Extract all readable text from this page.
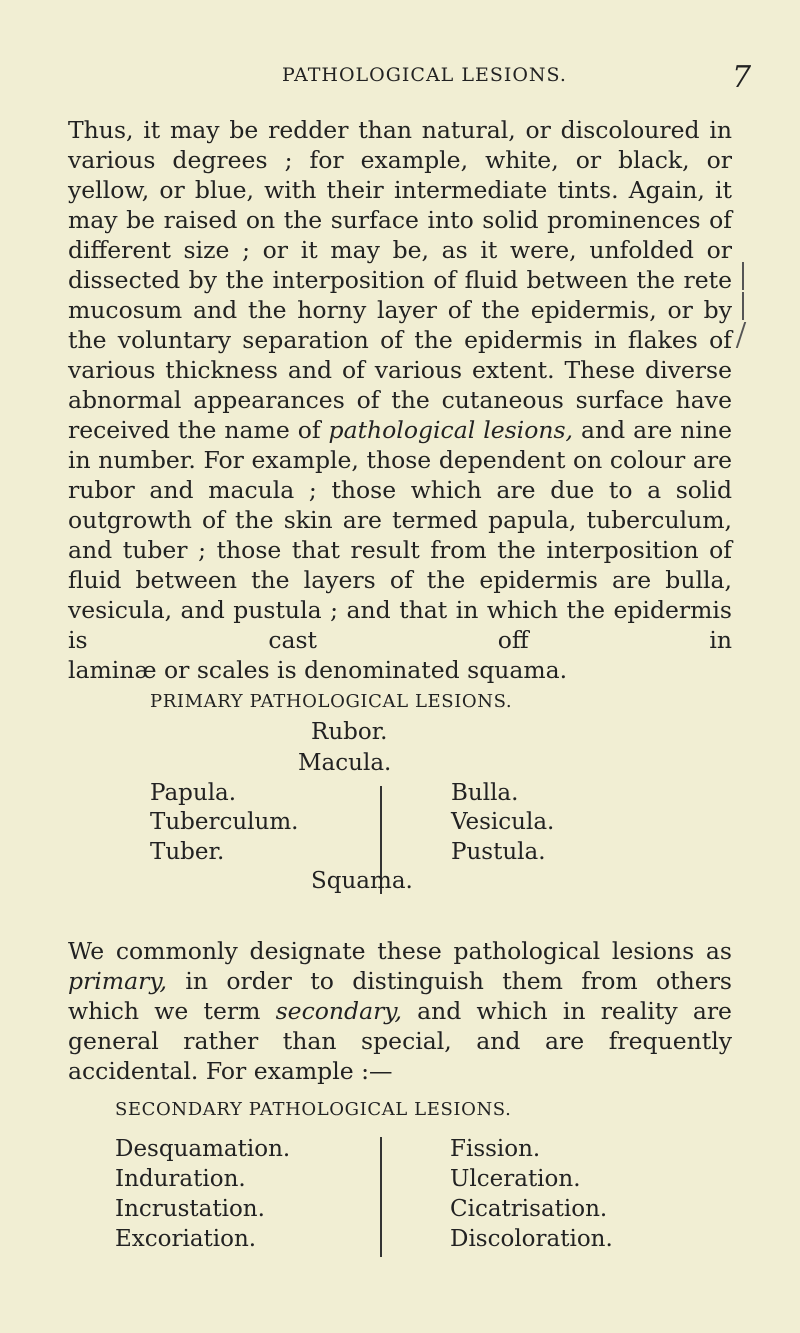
PATHOLOGICAL LESIONS.	7

Thus, it may be redder than natural, or discoloured in various degrees ; for example, white, or black, or yellow, or blue, with their intermediate tints. Again, it may be raised on the surface into solid prominences of different size ; or it may be, as it were, unfolded or dissected by the interposition of fluid between the rete mucosum and the horny layer of the epidermis, or by the voluntary separation of the epidermis in flakes of various thickness and of various extent. These diverse abnormal appearances of the cutaneous surface have received the name of pathological lesions, and are nine in number. For example, those dependent on colour are rubor and macula ; those which are due to a solid outgrowth of the skin are termed papula, tuberculum, and tuber ; those that result from the interposition of fluid between the layers of the epidermis are bulla, vesicula, and pustula ; and that in which the epidermis is cast off in
laminæ or scales is denominated squama.

PRIMARY PATHOLOGICAL LESIONS.
Rubor.
Macula.
Papula.
Tuberculum.
Tuber.
Bulla.
Vesicula.
Pustula.
Squama.

We commonly designate these pathological lesions as primary, in order to distinguish them from others which we term secondary, and which in reality are general rather than special, and are frequently
accidental. For example :—

SECONDARY PATHOLOGICAL LESIONS.
Desquamation.
Induration.
Incrustation.
Excoriation.
Fission.
Ulceration.
Cicatrisation.
Discoloration.
